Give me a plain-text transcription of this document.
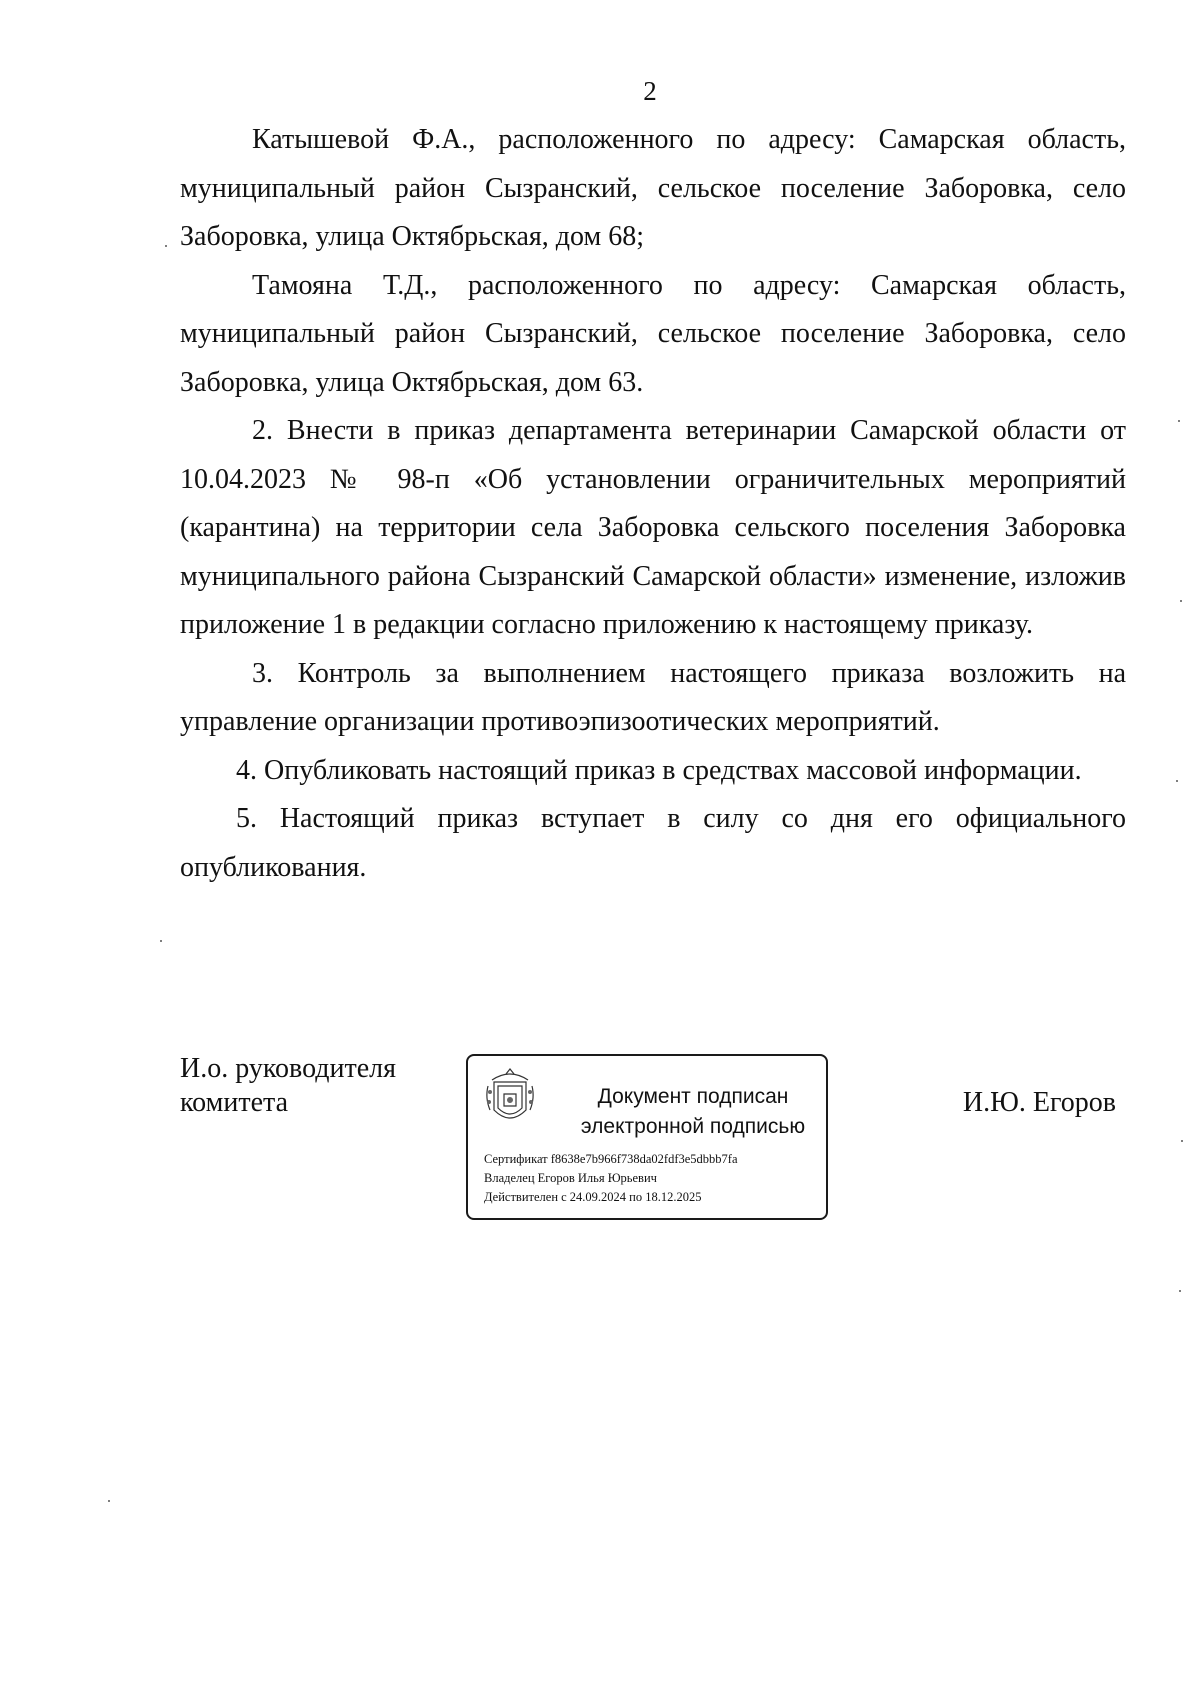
2

Катышевой Ф.А., расположенного по адресу: Самарская область, муниципальный район Сызранский, сельское поселение Заборовка, село Заборовка, улица Октябрьская, дом 68;

Тамояна Т.Д., расположенного по адресу: Самарская область, муниципальный район Сызранский, сельское поселение Заборовка, село Заборовка, улица Октябрьская, дом 63.

2. Внести в приказ департамента ветеринарии Самарской области от 10.04.2023 № 98-п «Об установлении ограничительных мероприятий (карантина) на территории села Заборовка сельского поселения Заборовка муниципального района Сызранский Самарской области» изменение, изложив приложение 1 в редакции согласно приложению к настоящему приказу.

3. Контроль за выполнением настоящего приказа возложить на управление организации противоэпизоотических мероприятий.

4. Опубликовать настоящий приказ в средствах массовой информации.

5. Настоящий приказ вступает в силу со дня его официального опубликования.

И.о. руководителя комитета	Документ подписан
электронной подписью
Сертификат f8638e7b966f738da02fdf3e5dbbb7fa
Владелец Егоров Илья Юрьевич
Действителен с 24.09.2024 по 18.12.2025
И.Ю. Егоров
